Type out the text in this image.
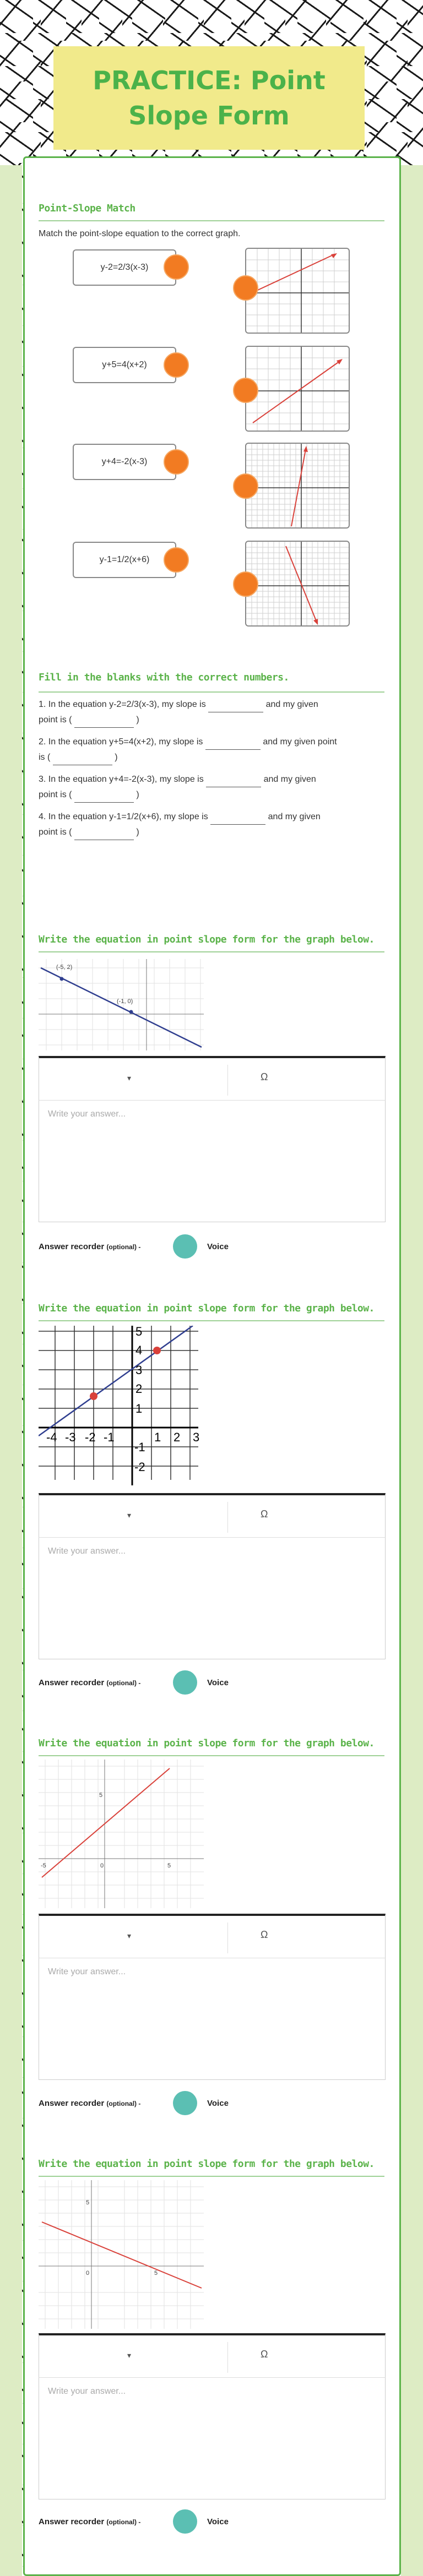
PRACTICE: Point Slope Form
Point-Slope Match
Match the point-slope equation to the correct graph.
y-2=2/3(x-3)
y+5=4(x+2)
y+4=-2(x-3)
y-1=1/2(x+6)
Fill in the blanks with the correct numbers.
1. In the equation y-2=2/3(x-3), my slope is	and my given
point is (	)
2. In the equation y+5=4(x+2), my slope is	and my given point
is (	)
3. In the equation y+4=-2(x-3), my slope is	and my given
point is (	)
4. In the equation y-1=1/2(x+6), my slope is	and my given
point is (	)
Write the equation in point slope form for the graph below.
(-5, 2)
(-1, 0)
▾	Ω
Write your answer...
Answer recorder (optional) -	Voice
Write the equation in point slope form for the graph below.
-4 -3 -2 -1	1 2 3
5
4
3
2
1
-1
-2
▾	Ω
Write your answer...
Answer recorder (optional) -	Voice
Write the equation in point slope form for the graph below.
-5	0	5
5
▾	Ω
Write your answer...
Answer recorder (optional) -	Voice
Write the equation in point slope form for the graph below.
0	5
5
▾	Ω
Write your answer...
Answer recorder (optional) -	Voice
